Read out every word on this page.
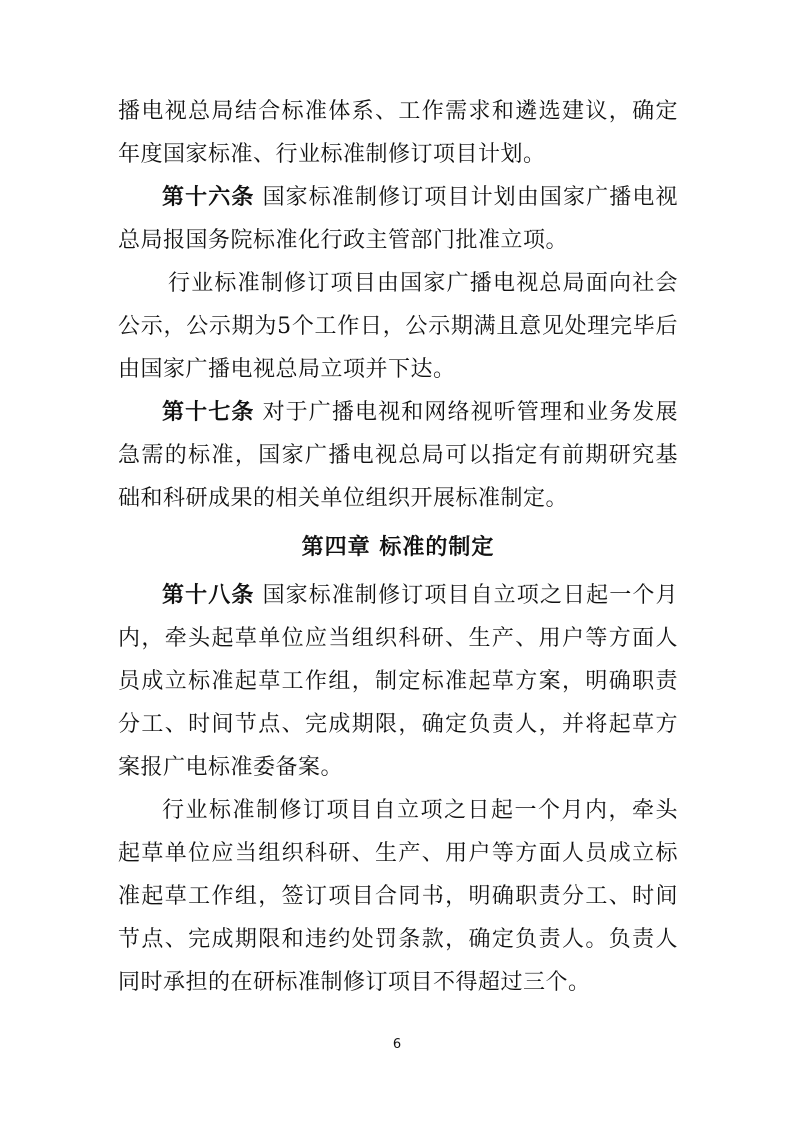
播电视总局结合标准体系、工作需求和遴选建议，确定年度国家标准、行业标准制修订项目计划。

第十六条 国家标准制修订项目计划由国家广播电视总局报国务院标准化行政主管部门批准立项。

行业标准制修订项目由国家广播电视总局面向社会公示，公示期为5个工作日，公示期满且意见处理完毕后由国家广播电视总局立项并下达。

第十七条 对于广播电视和网络视听管理和业务发展急需的标准，国家广播电视总局可以指定有前期研究基础和科研成果的相关单位组织开展标准制定。

第四章 标准的制定

第十八条 国家标准制修订项目自立项之日起一个月内，牵头起草单位应当组织科研、生产、用户等方面人员成立标准起草工作组，制定标准起草方案，明确职责分工、时间节点、完成期限，确定负责人，并将起草方案报广电标准委备案。

行业标准制修订项目自立项之日起一个月内，牵头起草单位应当组织科研、生产、用户等方面人员成立标准起草工作组，签订项目合同书，明确职责分工、时间节点、完成期限和违约处罚条款，确定负责人。负责人同时承担的在研标准制修订项目不得超过三个。

6
